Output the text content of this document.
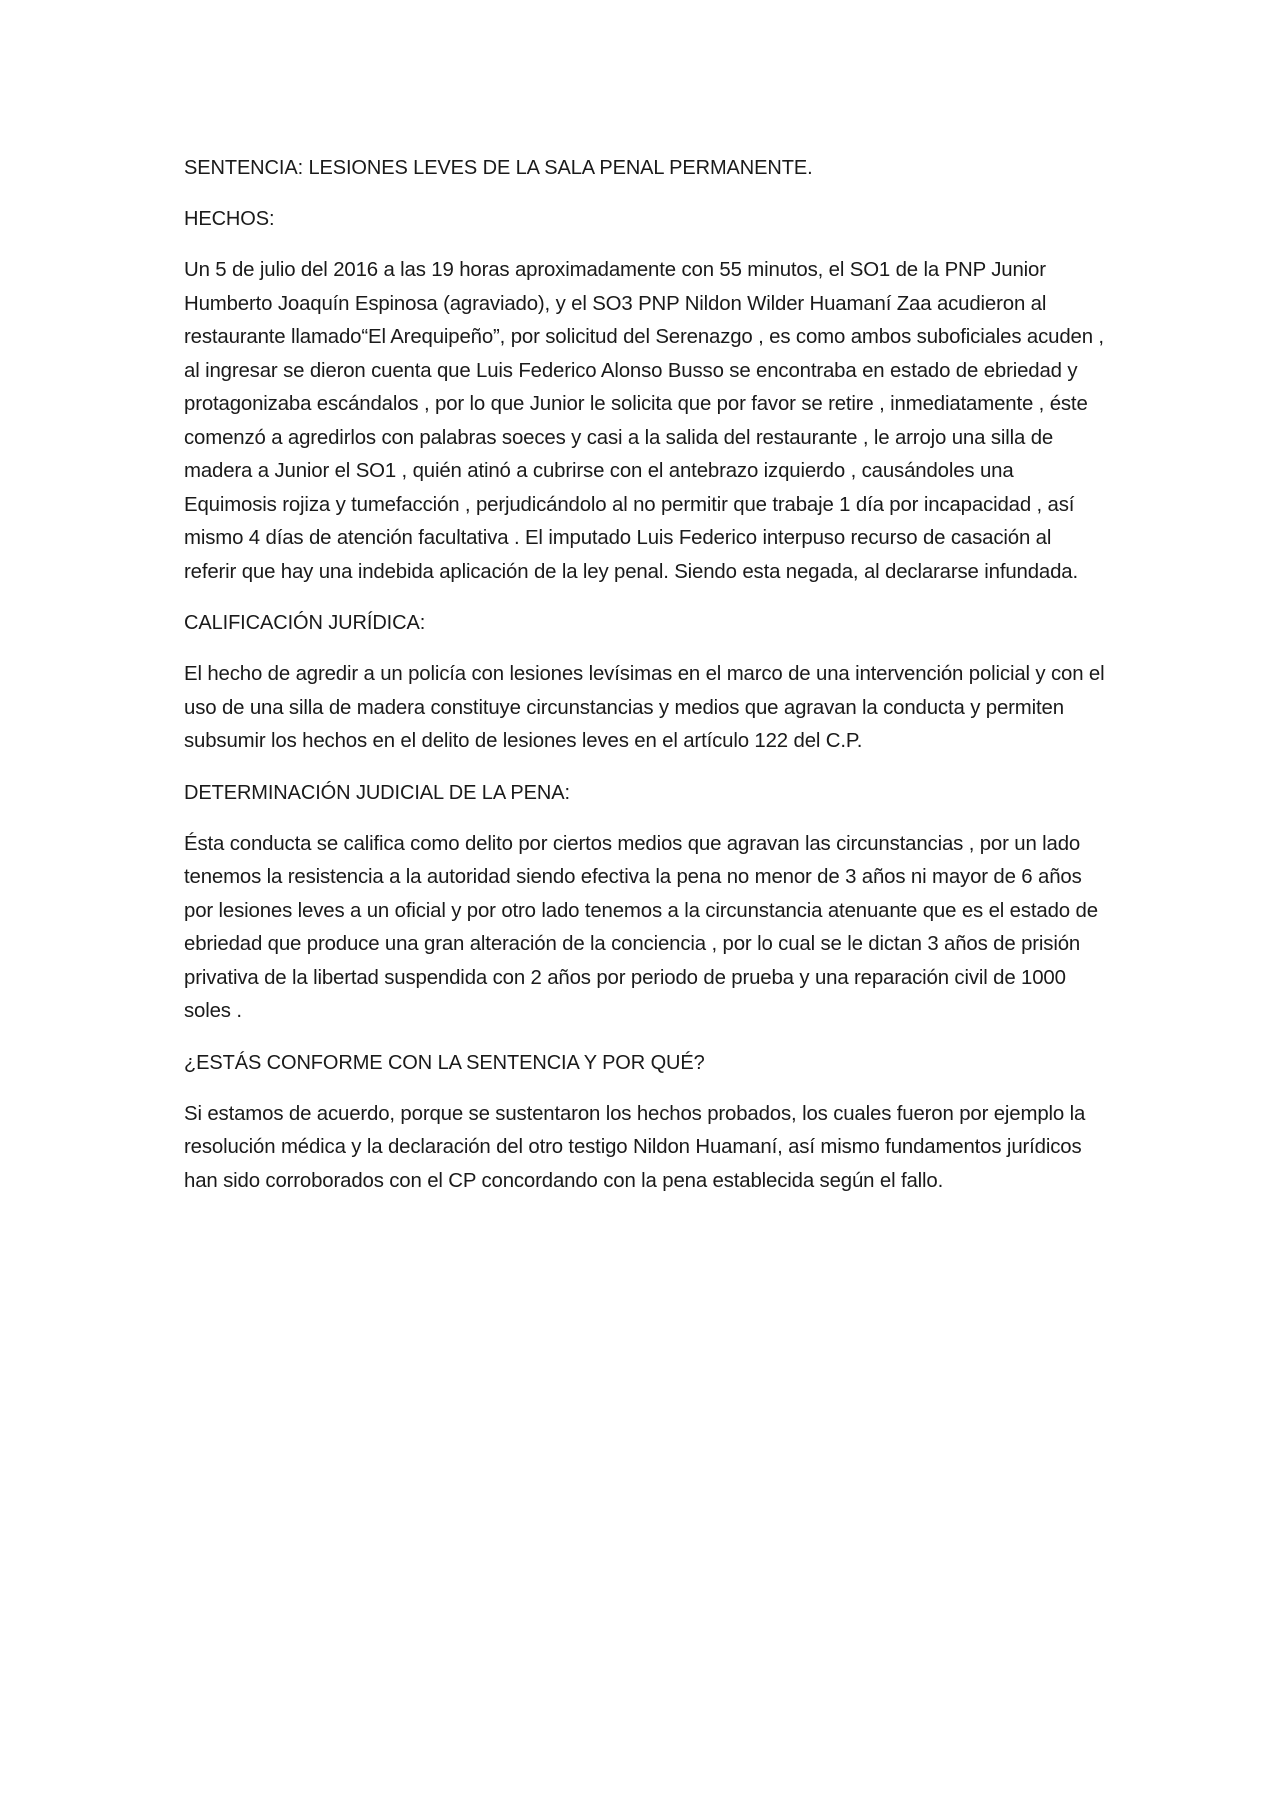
SENTENCIA: LESIONES LEVES DE LA SALA PENAL PERMANENTE.

HECHOS:

Un 5 de julio del 2016 a las 19 horas aproximadamente con 55 minutos, el SO1 de la PNP Junior Humberto Joaquín Espinosa (agraviado), y el SO3 PNP Nildon Wilder Huamaní Zaa acudieron al restaurante llamado“El Arequipeño”, por solicitud del Serenazgo , es como ambos suboficiales acuden , al ingresar se dieron cuenta que Luis Federico Alonso Busso se encontraba en estado de ebriedad y protagonizaba escándalos , por lo que Junior le solicita que por favor se retire , inmediatamente , éste comenzó a agredirlos con palabras soeces y casi a la salida del restaurante , le arrojo una silla de madera a Junior el SO1 , quién atinó a cubrirse con el antebrazo izquierdo , causándoles una Equimosis rojiza y tumefacción , perjudicándolo al no permitir que trabaje 1 día por incapacidad , así mismo 4 días de atención facultativa . El imputado Luis Federico interpuso recurso de casación al referir que hay una indebida aplicación de la ley penal. Siendo esta negada, al declararse infundada.

CALIFICACIÓN JURÍDICA:

El hecho de agredir a un policía con lesiones levísimas en el marco de una intervención policial y con el uso de una silla de madera constituye circunstancias y medios que agravan la conducta y permiten subsumir los hechos en el delito de lesiones leves en el artículo 122 del C.P.

DETERMINACIÓN JUDICIAL DE LA PENA:

Ésta conducta se califica como delito por ciertos medios que agravan las circunstancias , por un lado tenemos la resistencia a la autoridad siendo efectiva la pena no menor de 3 años ni mayor de 6 años por lesiones leves a un oficial y por otro lado tenemos a la circunstancia atenuante que es el estado de ebriedad que produce una gran alteración de la conciencia , por lo cual se le dictan 3 años de prisión privativa de la libertad suspendida con 2 años por periodo de prueba y una reparación civil de 1000 soles .

¿ESTÁS CONFORME CON LA SENTENCIA Y POR QUÉ?

Si estamos de acuerdo, porque se sustentaron los hechos probados, los cuales fueron por ejemplo la resolución médica y la declaración del otro testigo Nildon Huamaní, así mismo fundamentos jurídicos han sido corroborados con el CP concordando con la pena establecida según el fallo.
